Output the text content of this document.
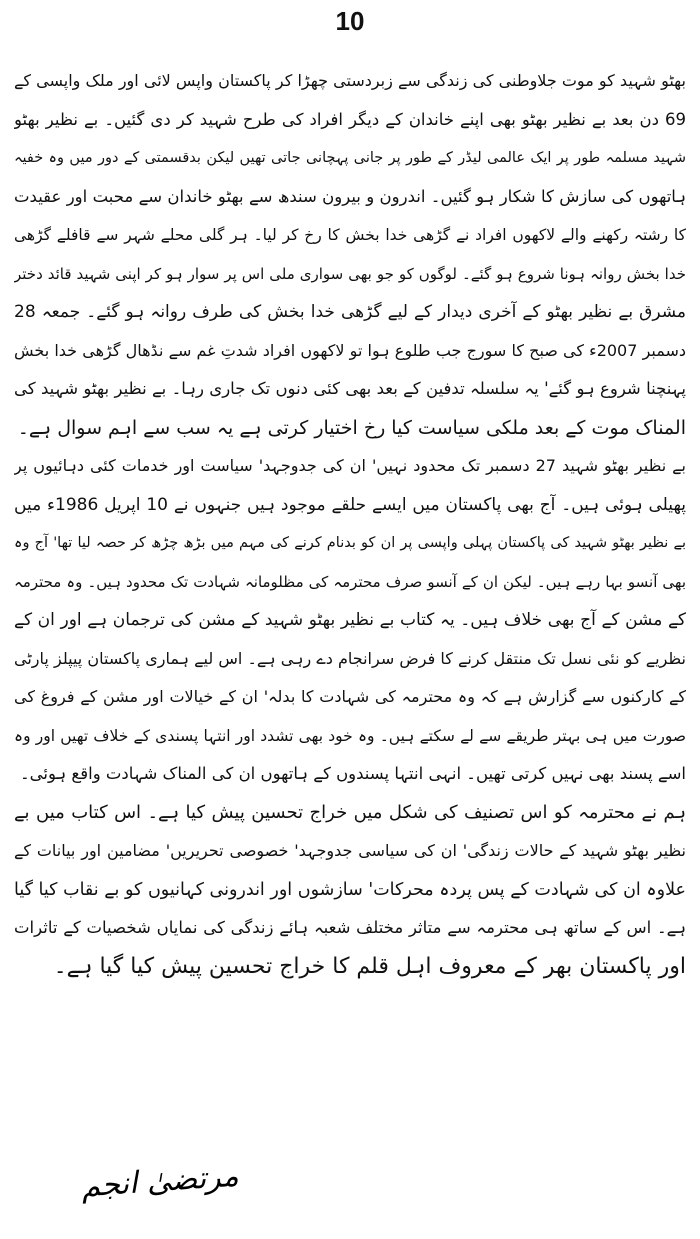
10
بھٹو شہید کو موت جلاوطنی کی زندگی سے زبردستی چھڑا کر پاکستان واپس لائی اور ملک واپسی کے
69 دن بعد بے نظیر بھٹو بھی اپنے خاندان کے دیگر افراد کی طرح شہید کر دی گئیں۔ بے نظیر بھٹو
شہید مسلمہ طور پر ایک عالمی لیڈر کے طور پر جانی پہچانی جاتی تھیں لیکن بدقسمتی کے دور میں وہ خفیہ
ہاتھوں کی سازش کا شکار ہو گئیں۔ اندرون و بیرون سندھ سے بھٹو خاندان سے محبت اور عقیدت
کا رشتہ رکھنے والے لاکھوں افراد نے گڑھی خدا بخش کا رخ کر لیا۔ ہر گلی محلے شہر سے قافلے گڑھی
خدا بخش روانہ ہونا شروع ہو گئے۔ لوگوں کو جو بھی سواری ملی اس پر سوار ہو کر اپنی شہید قائد دختر
مشرق بے نظیر بھٹو کے آخری دیدار کے لیے گڑھی خدا بخش کی طرف روانہ ہو گئے۔ جمعہ 28
دسمبر 2007ء کی صبح کا سورج جب طلوع ہوا تو لاکھوں افراد شدتِ غم سے نڈھال گڑھی خدا بخش
پہنچنا شروع ہو گئے' یہ سلسلہ تدفین کے بعد بھی کئی دنوں تک جاری رہا۔ بے نظیر بھٹو شہید کی
المناک موت کے بعد ملکی سیاست کیا رخ اختیار کرتی ہے یہ سب سے اہم سوال ہے۔
بے نظیر بھٹو شہید 27 دسمبر تک محدود نہیں' ان کی جدوجہد' سیاست اور خدمات کئی دہائیوں پر
پھیلی ہوئی ہیں۔ آج بھی پاکستان میں ایسے حلقے موجود ہیں جنہوں نے 10 اپریل 1986ء میں
بے نظیر بھٹو شہید کی پاکستان پہلی واپسی پر ان کو بدنام کرنے کی مہم میں بڑھ چڑھ کر حصہ لیا تھا' آج وہ
بھی آنسو بہا رہے ہیں۔ لیکن ان کے آنسو صرف محترمہ کی مظلومانہ شہادت تک محدود ہیں۔ وہ محترمہ
کے مشن کے آج بھی خلاف ہیں۔ یہ کتاب بے نظیر بھٹو شہید کے مشن کی ترجمان ہے اور ان کے
نظریے کو نئی نسل تک منتقل کرنے کا فرض سرانجام دے رہی ہے۔ اس لیے ہماری پاکستان پیپلز پارٹی
کے کارکنوں سے گزارش ہے کہ وہ محترمہ کی شہادت کا بدلہ' ان کے خیالات اور مشن کے فروغ کی
صورت میں ہی بہتر طریقے سے لے سکتے ہیں۔ وہ خود بھی تشدد اور انتہا پسندی کے خلاف تھیں اور وہ
اسے پسند بھی نہیں کرتی تھیں۔ انہی انتہا پسندوں کے ہاتھوں ان کی المناک شہادت واقع ہوئی۔
ہم نے محترمہ کو اس تصنیف کی شکل میں خراج تحسین پیش کیا ہے۔ اس کتاب میں بے
نظیر بھٹو شہید کے حالات زندگی' ان کی سیاسی جدوجہد' خصوصی تحریریں' مضامین اور بیانات کے
علاوہ ان کی شہادت کے پس پردہ محرکات' سازشوں اور اندرونی کہانیوں کو بے نقاب کیا گیا
ہے۔ اس کے ساتھ ہی محترمہ سے متاثر مختلف شعبہ ہائے زندگی کی نمایاں شخصیات کے تاثرات
اور پاکستان بھر کے معروف اہل قلم کا خراج تحسین پیش کیا گیا ہے۔
مرتضیٰ انجم
